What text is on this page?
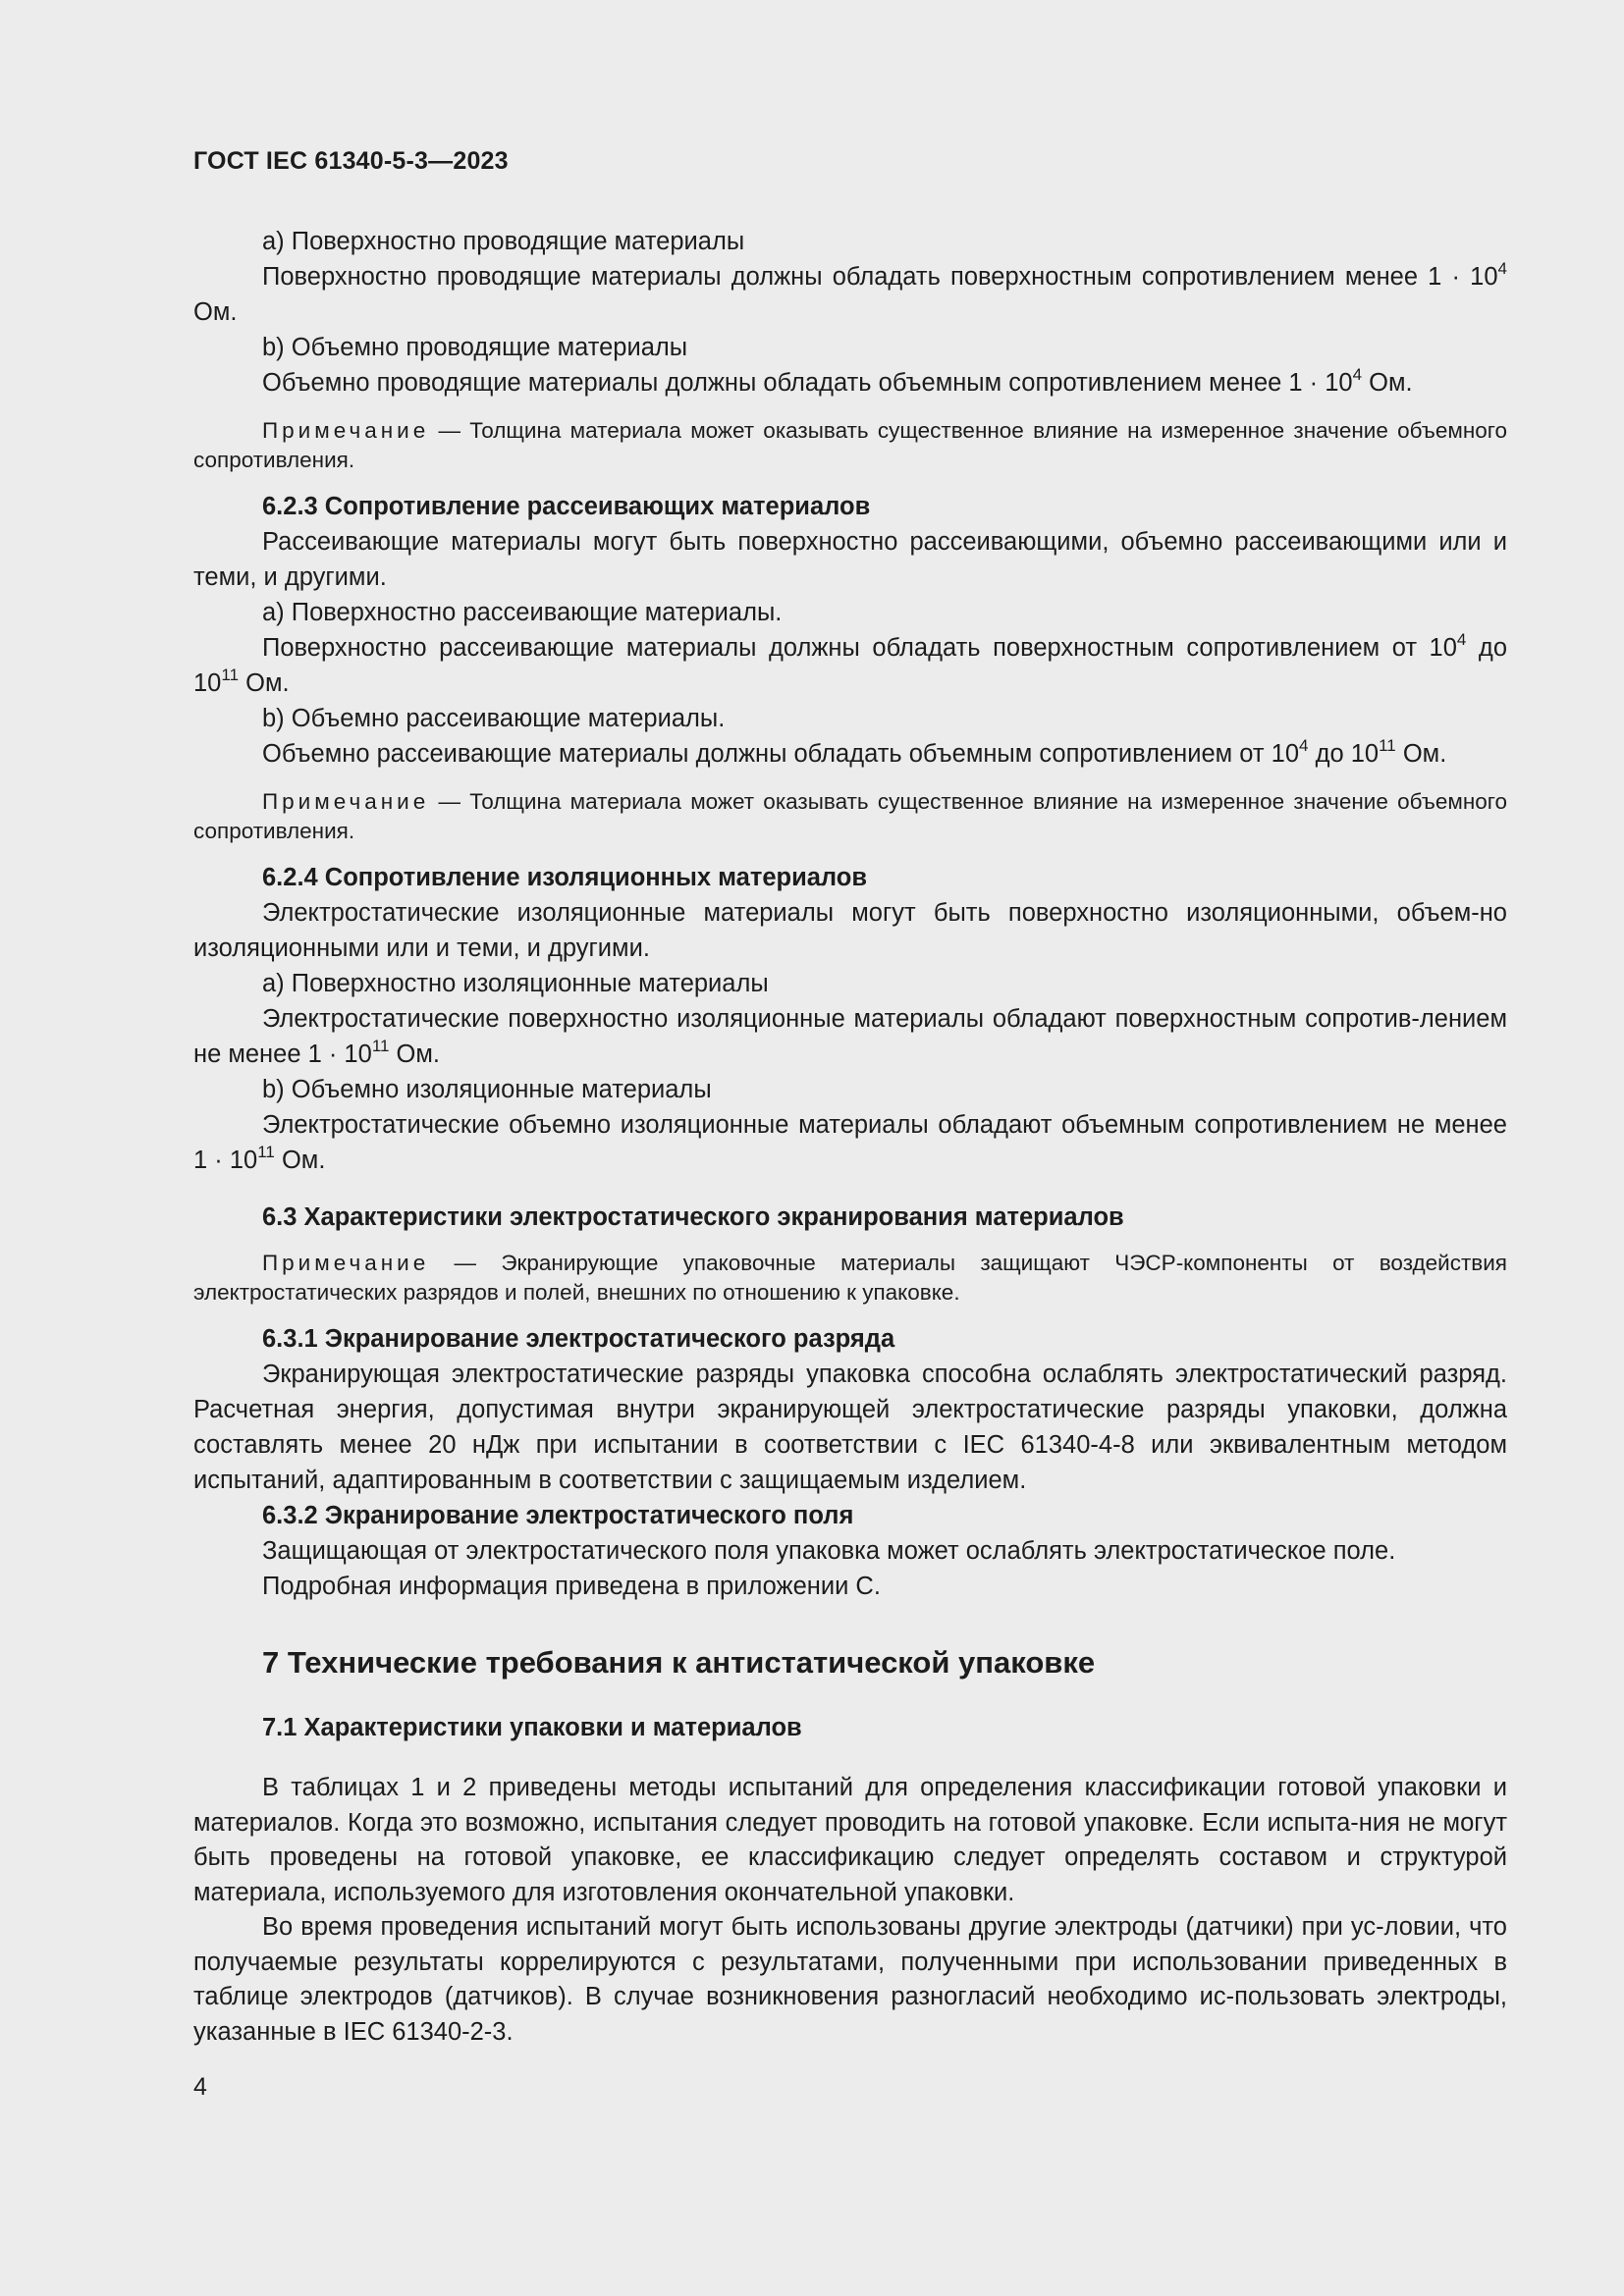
ГОСТ IEC 61340-5-3—2023

а) Поверхностно проводящие материалы

Поверхностно проводящие материалы должны обладать поверхностным сопротивлением менее $1 \cdot 10^4$ Ом.

b) Объемно проводящие материалы

Объемно проводящие материалы должны обладать объемным сопротивлением менее $1 \cdot 10^4$ Ом.

Примечание — Толщина материала может оказывать существенное влияние на измеренное значение объемного сопротивления.

6.2.3 Сопротивление рассеивающих материалов

Рассеивающие материалы могут быть поверхностно рассеивающими, объемно рассеивающими или и теми, и другими.

а) Поверхностно рассеивающие материалы.

Поверхностно рассеивающие материалы должны обладать поверхностным сопротивлением от $10^4$ до $10^{11}$ Ом.

b) Объемно рассеивающие материалы.

Объемно рассеивающие материалы должны обладать объемным сопротивлением от $10^4$ до $10^{11}$ Ом.

Примечание — Толщина материала может оказывать существенное влияние на измеренное значение объемного сопротивления.

6.2.4 Сопротивление изоляционных материалов

Электростатические изоляционные материалы могут быть поверхностно изоляционными, объем-но изоляционными или и теми, и другими.

а) Поверхностно изоляционные материалы

Электростатические поверхностно изоляционные материалы обладают поверхностным сопротив-лением не менее $1 \cdot 10^{11}$ Ом.

b) Объемно изоляционные материалы

Электростатические объемно изоляционные материалы обладают объемным сопротивлением не менее $1 \cdot 10^{11}$ Ом.

6.3 Характеристики электростатического экранирования материалов

Примечание — Экранирующие упаковочные материалы защищают ЧЭСР-компоненты от воздействия электростатических разрядов и полей, внешних по отношению к упаковке.

6.3.1 Экранирование электростатического разряда

Экранирующая электростатические разряды упаковка способна ослаблять электростатический разряд. Расчетная энергия, допустимая внутри экранирующей электростатические разряды упаковки, должна составлять менее 20 нДж при испытании в соответствии с IEC 61340-4-8 или эквивалентным методом испытаний, адаптированным в соответствии с защищаемым изделием.

6.3.2 Экранирование электростатического поля

Защищающая от электростатического поля упаковка может ослаблять электростатическое поле.

Подробная информация приведена в приложении С.

7 Технические требования к антистатической упаковке

7.1 Характеристики упаковки и материалов

В таблицах 1 и 2 приведены методы испытаний для определения классификации готовой упаковки и материалов. Когда это возможно, испытания следует проводить на готовой упаковке. Если испыта-ния не могут быть проведены на готовой упаковке, ее классификацию следует определять составом и структурой материала, используемого для изготовления окончательной упаковки.

Во время проведения испытаний могут быть использованы другие электроды (датчики) при ус-ловии, что получаемые результаты коррелируются с результатами, полученными при использовании приведенных в таблице электродов (датчиков). В случае возникновения разногласий необходимо ис-пользовать электроды, указанные в IEC 61340-2-3.

4
